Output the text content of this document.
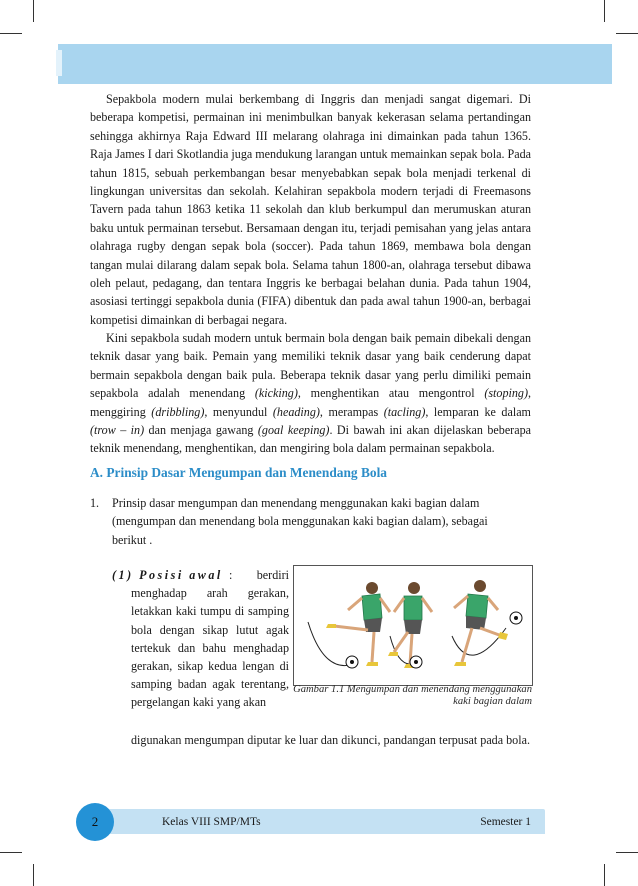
Sepakbola modern mulai berkembang di Inggris dan menjadi sangat digemari. Di beberapa kompetisi, permainan ini menimbulkan banyak kekerasan selama pertandingan sehingga akhirnya Raja Edward III melarang olahraga ini dimainkan pada tahun 1365. Raja James I dari Skotlandia juga mendukung larangan untuk memainkan sepak bola. Pada tahun 1815, sebuah perkembangan besar menyebabkan sepak bola menjadi terkenal di lingkungan universitas dan sekolah. Kelahiran sepakbola modern terjadi di Freemasons Tavern pada tahun 1863 ketika 11 sekolah dan klub berkumpul dan merumuskan aturan baku untuk permainan tersebut. Bersamaan dengan itu, terjadi pemisahan yang jelas antara olahraga rugby dengan sepak bola (soccer). Pada tahun 1869, membawa bola dengan tangan mulai dilarang dalam sepak bola. Selama tahun 1800-an, olahraga tersebut dibawa oleh pelaut, pedagang, dan tentara Inggris ke berbagai belahan dunia. Pada tahun 1904, asosiasi tertinggi sepakbola dunia (FIFA) dibentuk dan pada awal tahun 1900-an, berbagai kompetisi dimainkan di berbagai negara.

Kini sepakbola sudah modern untuk bermain bola dengan baik pemain dibekali dengan teknik dasar yang baik. Pemain yang memiliki teknik dasar yang baik cenderung dapat bermain sepakbola dengan baik pula. Beberapa teknik dasar yang perlu dimiliki pemain sepakbola adalah menendang (kicking), menghentikan atau mengontrol (stoping), menggiring (dribbling), menyundul (heading), merampas (tacling), lemparan ke dalam (trow – in) dan menjaga gawang (goal keeping). Di bawah ini akan dijelaskan beberapa teknik menendang, menghentikan, dan mengiring bola dalam permainan sepakbola.

A. Prinsip Dasar Mengumpan dan Menendang Bola
1. Prinsip dasar mengumpan dan menendang menggunakan kaki bagian dalam (mengumpan dan menendang bola menggunakan kaki bagian dalam), sebagai berikut .
: berdiri menghadap arah gerakan, letakkan kaki tumpu di samping bola dengan sikap lutut agak tertekuk dan bahu menghadap gerakan, sikap kedua lengan di samping badan agak terentang, pergelangan kaki yang akan
(1) Posisi awal
digunakan mengumpan diputar ke luar dan dikunci, pandangan terpusat pada bola.
Gambar 1.1 Mengumpan dan menendang menggunakan kaki bagian dalam
2	Kelas VIII SMP/MTs	Semester 1
